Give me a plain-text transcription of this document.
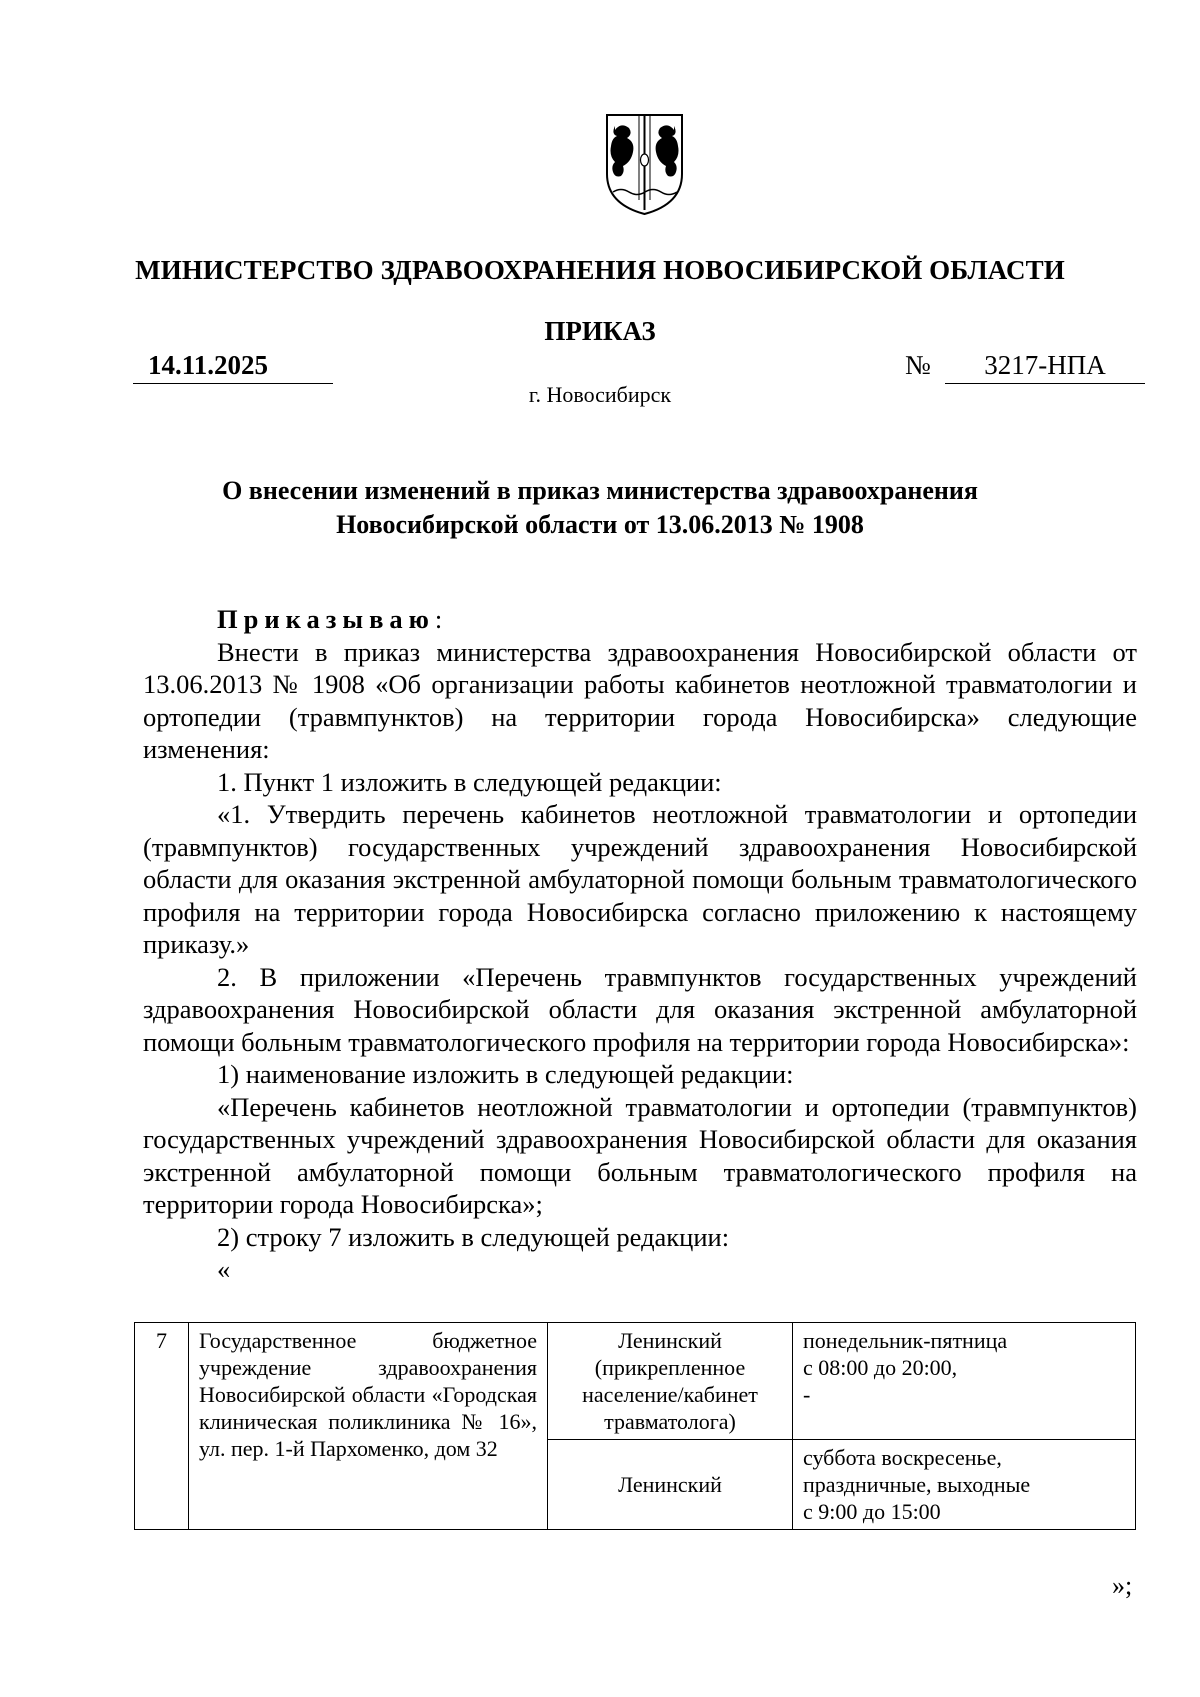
МИНИСТЕРСТВО ЗДРАВООХРАНЕНИЯ НОВОСИБИРСКОЙ ОБЛАСТИ
ПРИКАЗ
14.11.2025	№	3217-НПА
г. Новосибирск
О внесении изменений в приказ министерства здравоохранения
Новосибирской области от 13.06.2013 № 1908

Приказываю:

Внести в приказ министерства здравоохранения Новосибирской области от 13.06.2013 № 1908 «Об организации работы кабинетов неотложной травматологии и ортопедии (травмпунктов) на территории города Новосибирска» следующие изменения:

1. Пункт 1 изложить в следующей редакции:

«1. Утвердить перечень кабинетов неотложной травматологии и ортопедии (травмпунктов) государственных учреждений здравоохранения Новосибирской области для оказания экстренной амбулаторной помощи больным травматологического профиля на территории города Новосибирска согласно приложению к настоящему приказу.»

2. В приложении «Перечень травмпунктов государственных учреждений здравоохранения Новосибирской области для оказания экстренной амбулаторной помощи больным травматологического профиля на территории города Новосибирска»:

1) наименование изложить в следующей редакции:

«Перечень кабинетов неотложной травматологии и ортопедии (травмпунктов) государственных учреждений здравоохранения Новосибирской области для оказания экстренной амбулаторной помощи больным травматологического профиля на территории города Новосибирска»;

2) строку 7 изложить в следующей редакции:

«

7	Государственное бюджетное учреждение здравоохранения Новосибирской области «Городская клиническая поликлиника № 16», ул. пер. 1-й Пархоменко, дом 32	Ленинский (прикрепленное население/кабинет травматолога)	понедельник-пятница
с 08:00 до 20:00,
-

		Ленинский	суббота воскресенье,
праздничные, выходные
с 9:00 до 15:00
»;
